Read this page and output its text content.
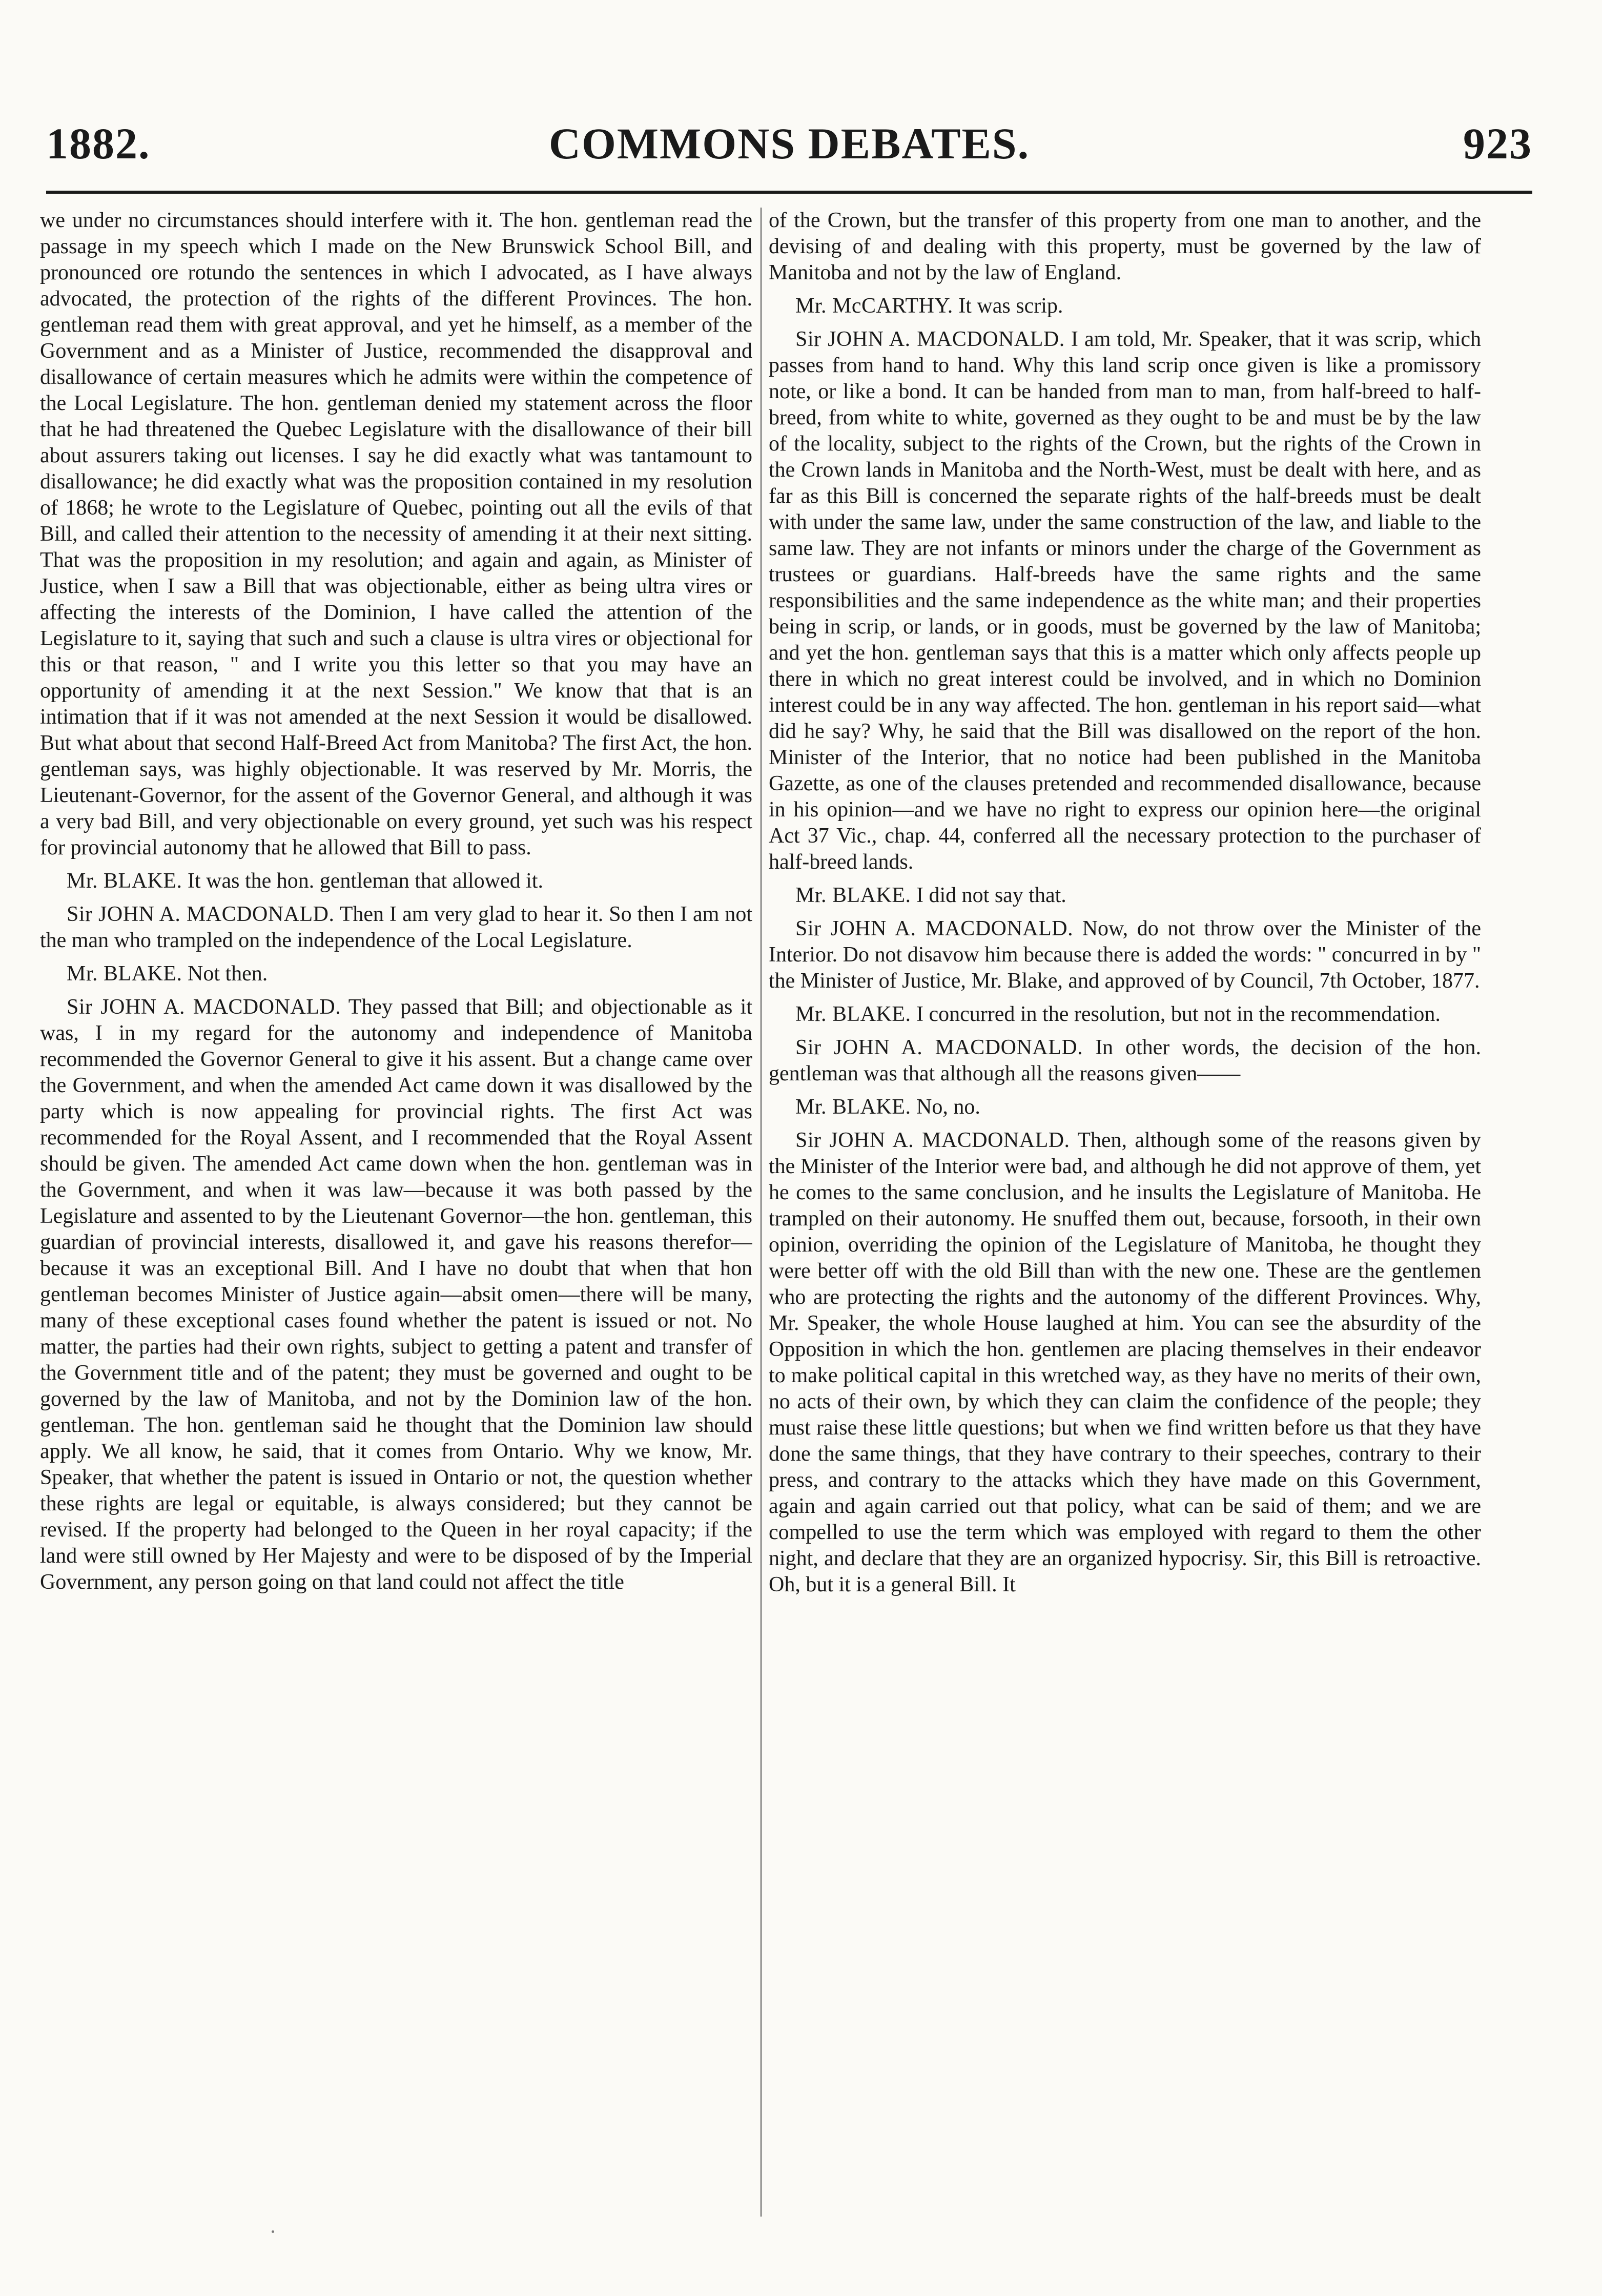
1882.	COMMONS DEBATES.	923

we under no circumstances should interfere with it. The hon. gentleman read the passage in my speech which I made on the New Brunswick School Bill, and pronounced ore rotundo the sentences in which I advocated, as I have always advocated, the protection of the rights of the different Provinces. The hon. gentleman read them with great approval, and yet he himself, as a member of the Government and as a Minister of Justice, recommended the disapproval and disallowance of certain measures which he admits were within the competence of the Local Legislature. The hon. gentleman denied my statement across the floor that he had threatened the Quebec Legislature with the disallowance of their bill about assurers taking out licenses. I say he did exactly what was tantamount to disallowance; he did exactly what was the proposition contained in my resolution of 1868; he wrote to the Legislature of Quebec, pointing out all the evils of that Bill, and called their attention to the necessity of amending it at their next sitting. That was the proposition in my resolution; and again and again, as Minister of Justice, when I saw a Bill that was objectionable, either as being ultra vires or affecting the interests of the Dominion, I have called the attention of the Legislature to it, saying that such and such a clause is ultra vires or objectional for this or that reason, " and I write you this letter so that you may have an opportunity of amending it at the next Session." We know that that is an intimation that if it was not amended at the next Session it would be disallowed. But what about that second Half-Breed Act from Manitoba? The first Act, the hon. gentleman says, was highly objectionable. It was reserved by Mr. Morris, the Lieutenant-Governor, for the assent of the Governor General, and although it was a very bad Bill, and very objectionable on every ground, yet such was his respect for provincial autonomy that he allowed that Bill to pass.

Mr. BLAKE. It was the hon. gentleman that allowed it.

Sir JOHN A. MACDONALD. Then I am very glad to hear it. So then I am not the man who trampled on the independence of the Local Legislature.

Mr. BLAKE. Not then.

Sir JOHN A. MACDONALD. They passed that Bill; and objectionable as it was, I in my regard for the autonomy and independence of Manitoba recommended the Governor General to give it his assent. But a change came over the Government, and when the amended Act came down it was disallowed by the party which is now appealing for provincial rights. The first Act was recommended for the Royal Assent, and I recommended that the Royal Assent should be given. The amended Act came down when the hon. gentleman was in the Government, and when it was law—because it was both passed by the Legislature and assented to by the Lieutenant Governor—the hon. gentleman, this guardian of provincial interests, disallowed it, and gave his reasons therefor—because it was an exceptional Bill. And I have no doubt that when that hon gentleman becomes Minister of Justice again—absit omen—there will be many, many of these exceptional cases found whether the patent is issued or not. No matter, the parties had their own rights, subject to getting a patent and transfer of the Government title and of the patent; they must be governed and ought to be governed by the law of Manitoba, and not by the Dominion law of the hon. gentleman. The hon. gentleman said he thought that the Dominion law should apply. We all know, he said, that it comes from Ontario. Why we know, Mr. Speaker, that whether the patent is issued in Ontario or not, the question whether these rights are legal or equitable, is always considered; but they cannot be revised. If the property had belonged to the Queen in her royal capacity; if the land were still owned by Her Majesty and were to be disposed of by the Imperial Government, any person going on that land could not affect the title

of the Crown, but the transfer of this property from one man to another, and the devising of and dealing with this property, must be governed by the law of Manitoba and not by the law of England.

Mr. McCARTHY. It was scrip.

Sir JOHN A. MACDONALD. I am told, Mr. Speaker, that it was scrip, which passes from hand to hand. Why this land scrip once given is like a promissory note, or like a bond. It can be handed from man to man, from half-breed to half-breed, from white to white, governed as they ought to be and must be by the law of the locality, subject to the rights of the Crown, but the rights of the Crown in the Crown lands in Manitoba and the North-West, must be dealt with here, and as far as this Bill is concerned the separate rights of the half-breeds must be dealt with under the same law, under the same construction of the law, and liable to the same law. They are not infants or minors under the charge of the Government as trustees or guardians. Half-breeds have the same rights and the same responsibilities and the same independence as the white man; and their properties being in scrip, or lands, or in goods, must be governed by the law of Manitoba; and yet the hon. gentleman says that this is a matter which only affects people up there in which no great interest could be involved, and in which no Dominion interest could be in any way affected. The hon. gentleman in his report said—what did he say? Why, he said that the Bill was disallowed on the report of the hon. Minister of the Interior, that no notice had been published in the Manitoba Gazette, as one of the clauses pretended and recommended disallowance, because in his opinion—and we have no right to express our opinion here—the original Act 37 Vic., chap. 44, conferred all the necessary protection to the purchaser of half-breed lands.

Mr. BLAKE. I did not say that.

Sir JOHN A. MACDONALD. Now, do not throw over the Minister of the Interior. Do not disavow him because there is added the words: " concurred in by " the Minister of Justice, Mr. Blake, and approved of by Council, 7th October, 1877.

Mr. BLAKE. I concurred in the resolution, but not in the recommendation.

Sir JOHN A. MACDONALD. In other words, the decision of the hon. gentleman was that although all the reasons given——

Mr. BLAKE. No, no.

Sir JOHN A. MACDONALD. Then, although some of the reasons given by the Minister of the Interior were bad, and although he did not approve of them, yet he comes to the same conclusion, and he insults the Legislature of Manitoba. He trampled on their autonomy. He snuffed them out, because, forsooth, in their own opinion, overriding the opinion of the Legislature of Manitoba, he thought they were better off with the old Bill than with the new one. These are the gentlemen who are protecting the rights and the autonomy of the different Provinces. Why, Mr. Speaker, the whole House laughed at him. You can see the absurdity of the Opposition in which the hon. gentlemen are placing themselves in their endeavor to make political capital in this wretched way, as they have no merits of their own, no acts of their own, by which they can claim the confidence of the people; they must raise these little questions; but when we find written before us that they have done the same things, that they have contrary to their speeches, contrary to their press, and contrary to the attacks which they have made on this Government, again and again carried out that policy, what can be said of them; and we are compelled to use the term which was employed with regard to them the other night, and declare that they are an organized hypocrisy. Sir, this Bill is retroactive. Oh, but it is a general Bill. It
